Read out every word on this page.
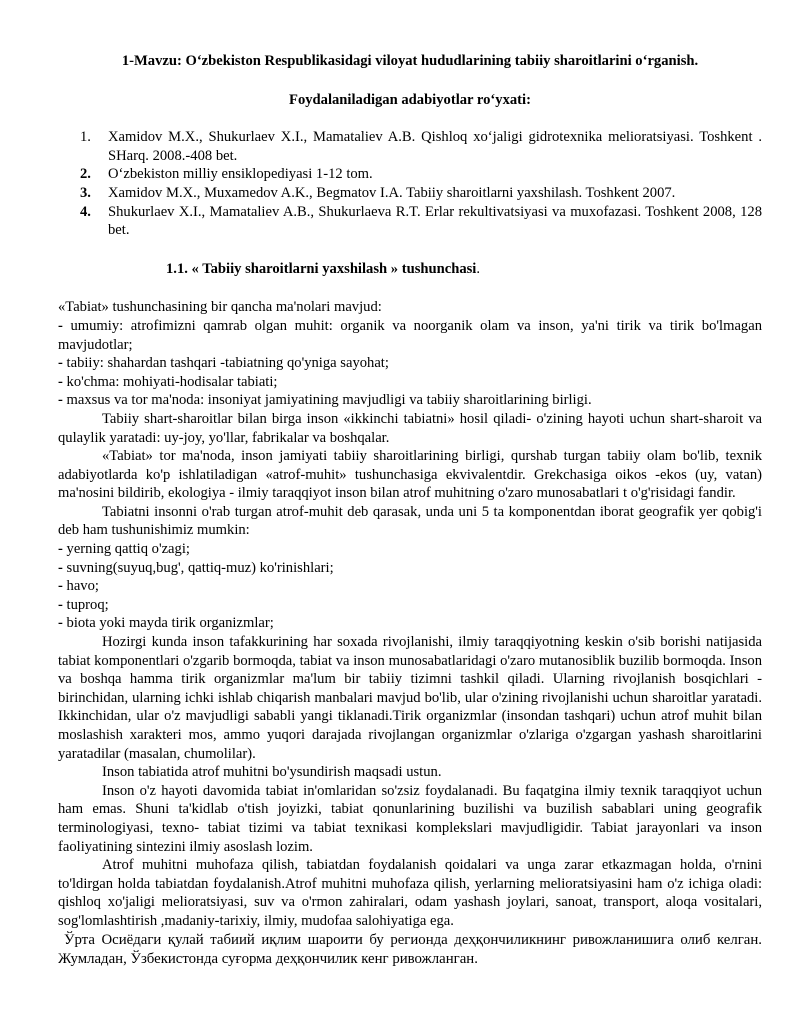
1-Mavzu: O‘zbekiston Respublikasidagi viloyat hududlarining tabiiy sharoitlarini o‘rganish.
Foydalaniladigan adabiyotlar ro‘yxati:
1. Xamidov M.X., Shukurlaev X.I., Mamataliev A.B. Qishloq xo‘jaligi gidrotexnika melioratsiyasi. Toshkent . SHarq. 2008.-408 bet.
2. O‘zbekiston milliy ensiklopediyasi 1-12 tom.
3. Xamidov M.X., Muxamedov A.K., Begmatov I.A. Tabiiy sharoitlarni yaxshilash. Toshkent 2007.
4. Shukurlaev X.I., Mamataliev A.B., Shukurlaeva R.T. Erlar rekultivatsiyasi va muxofazasi. Toshkent 2008, 128 bet.
1.1. « Tabiiy sharoitlarni yaxshilash » tushunchasi.

«Tabiat» tushunchasining bir qancha ma'nolari mavjud:

- umumiy: atrofimizni qamrab olgan muhit: organik va noorganik olam va inson, ya'ni tirik va tirik bo'lmagan mavjudotlar;

- tabiiy: shahardan tashqari -tabiatning qo'yniga sayohat;

- ko'chma: mohiyati-hodisalar tabiati;

- maxsus va tor ma'noda: insoniyat jamiyatining mavjudligi va tabiiy sharoitlarining birligi.

Tabiiy shart-sharoitlar bilan birga inson «ikkinchi tabiatni» hosil qiladi- o'zining hayoti uchun shart-sharoit va qulaylik yaratadi: uy-joy, yo'llar, fabrikalar va boshqalar.

«Tabiat» tor ma'noda, inson jamiyati tabiiy sharoitlarining birligi, qurshab turgan tabiiy olam bo'lib, texnik adabiyotlarda ko'p ishlatiladigan «atrof-muhit» tushunchasiga ekvivalentdir. Grekchasiga oikos -ekos (uy, vatan) ma'nosini bildirib, ekologiya - ilmiy taraqqiyot inson bilan atrof muhitning o'zaro munosabatlari t o'g'risidagi fandir.

Tabiatni insonni o'rab turgan atrof-muhit deb qarasak, unda uni 5 ta komponentdan iborat geografik yer qobig'i deb ham tushunishimiz mumkin:

- yerning qattiq o'zagi;

- suvning(suyuq,bug', qattiq-muz) ko'rinishlari;

- havo;

- tuproq;

- biota yoki mayda tirik organizmlar;

Hozirgi kunda inson tafakkurining har soxada rivojlanishi, ilmiy taraqqiyotning keskin o'sib borishi natijasida tabiat komponentlari o'zgarib bormoqda, tabiat va inson munosabatlaridagi o'zaro mutanosiblik buzilib bormoqda. Inson va boshqa hamma tirik organizmlar ma'lum bir tabiiy tizimni tashkil qiladi. Ularning rivojlanish bosqichlari - birinchidan, ularning ichki ishlab chiqarish manbalari mavjud bo'lib, ular o'zining rivojlanishi uchun sharoitlar yaratadi. Ikkinchidan, ular o'z mavjudligi sababli yangi tiklanadi.Tirik organizmlar (insondan tashqari) uchun atrof muhit bilan moslashish xarakteri mos, ammo yuqori darajada rivojlangan organizmlar o'zlariga o'zgargan yashash sharoitlarini yaratadilar (masalan, chumolilar).

Inson tabiatida atrof muhitni bo'ysundirish maqsadi ustun.

Inson o'z hayoti davomida tabiat in'omlaridan so'zsiz foydalanadi. Bu faqatgina ilmiy texnik taraqqiyot uchun ham emas. Shuni ta'kidlab o'tish joyizki, tabiat qonunlarining buzilishi va buzilish sabablari uning geografik terminologiyasi, texno- tabiat tizimi va tabiat texnikasi komplekslari mavjudligidir. Tabiat jarayonlari va inson faoliyatining sintezini ilmiy asoslash lozim.

Atrof muhitni muhofaza qilish, tabiatdan foydalanish qoidalari va unga zarar etkazmagan holda, o'rnini to'ldirgan holda tabiatdan foydalanish.Atrof muhitni muhofaza qilish, yerlarning melioratsiyasini ham o'z ichiga oladi: qishloq xo'jaligi melioratsiyasi, suv va o'rmon zahiralari, odam yashash joylari, sanoat, transport, aloqa vositalari, sog'lomlashtirish ,madaniy-tarixiy, ilmiy, mudofaa salohiyatiga ega.

Ўрта Осиёдаги қулай табиий иқлим шароити бу регионда деҳқончиликнинг ривожланишига олиб келган. Жумладан, Ўзбекистонда суғорма деҳқончилик кенг ривожланган.
